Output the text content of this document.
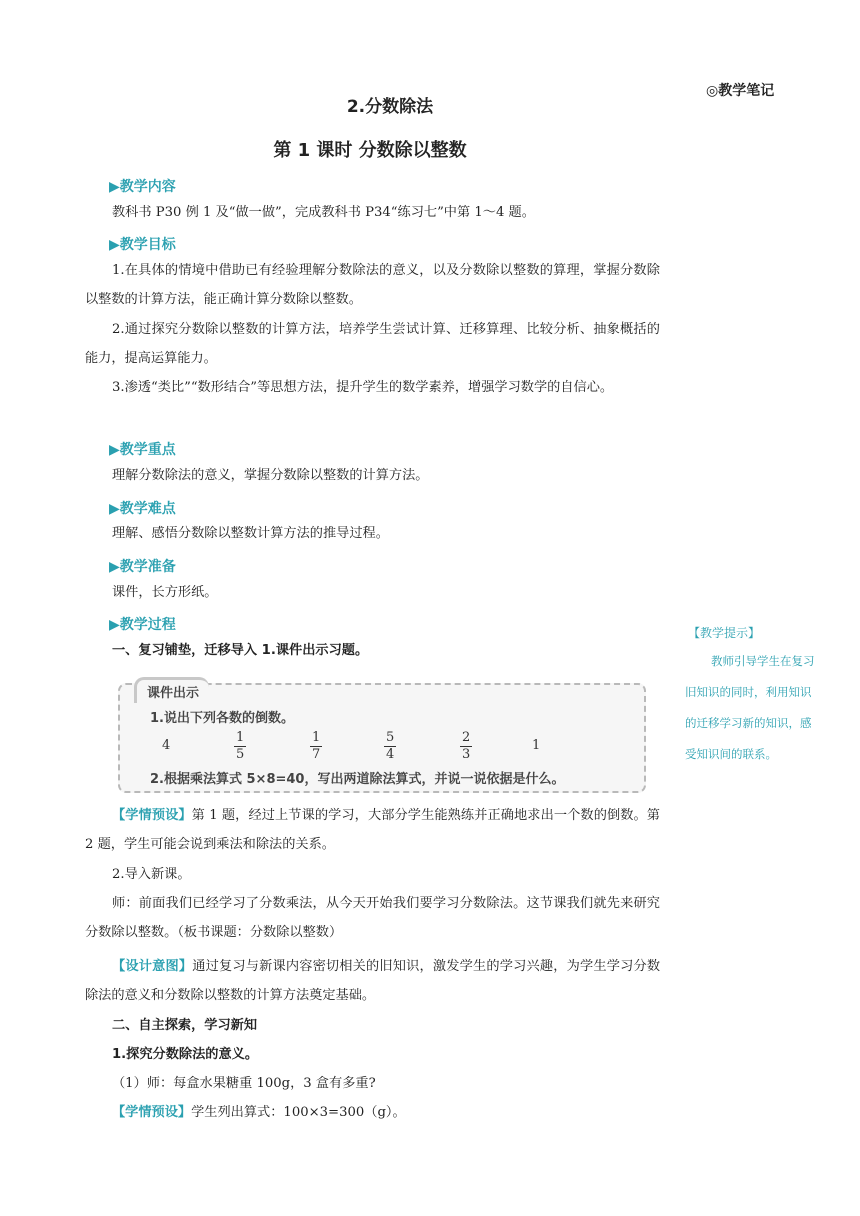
◎教学笔记
2.分数除法
第 1 课时 分数除以整数
▶教学内容
教科书 P30 例 1 及“做一做”，完成教科书 P34“练习七”中第 1～4 题。
▶教学目标
1.在具体的情境中借助已有经验理解分数除法的意义，以及分数除以整数的算理，掌握分数除以整数的计算方法，能正确计算分数除以整数。
2.通过探究分数除以整数的计算方法，培养学生尝试计算、迁移算理、比较分析、抽象概括的能力，提高运算能力。
3.渗透“类比”“数形结合”等思想方法，提升学生的数学素养，增强学习数学的自信心。
▶教学重点
理解分数除法的意义，掌握分数除以整数的计算方法。
▶教学难点
理解、感悟分数除以整数计算方法的推导过程。
▶教学准备
课件，长方形纸。
▶教学过程
一、复习铺垫，迁移导入 1.课件出示习题。
【教学提示】
教师引导学生在复习旧知识的同时，利用知识的迁移学习新的知识，感受知识间的联系。
课件出示
1.说出下列各数的倒数。
4	$\frac{1}{5}$	$\frac{1}{7}$	$\frac{5}{4}$	$\frac{2}{3}$	1
2.根据乘法算式 5×8=40，写出两道除法算式，并说一说依据是什么。
【学情预设】第 1 题，经过上节课的学习，大部分学生能熟练并正确地求出一个数的倒数。第 2 题，学生可能会说到乘法和除法的关系。
2.导入新课。
师：前面我们已经学习了分数乘法，从今天开始我们要学习分数除法。这节课我们就先来研究分数除以整数。（板书课题：分数除以整数）
【设计意图】通过复习与新课内容密切相关的旧知识，激发学生的学习兴趣，为学生学习分数除法的意义和分数除以整数的计算方法奠定基础。
二、自主探索，学习新知
1.探究分数除法的意义。
（1）师：每盒水果糖重 100g，3 盒有多重?
【学情预设】学生列出算式：100×3=300（g）。
